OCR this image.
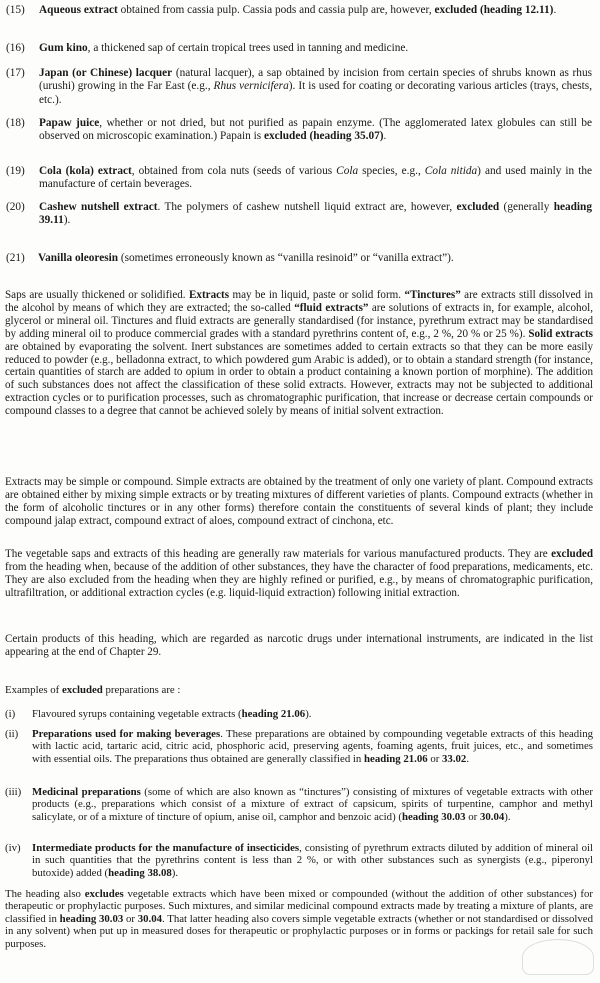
(15) Aqueous extract obtained from cassia pulp. Cassia pods and cassia pulp are, however, excluded (heading 12.11).
(16) Gum kino, a thickened sap of certain tropical trees used in tanning and medicine.
(17) Japan (or Chinese) lacquer (natural lacquer), a sap obtained by incision from certain species of shrubs known as rhus (urushi) growing in the Far East (e.g., Rhus vernicifera). It is used for coating or decorating various articles (trays, chests, etc.).
(18) Papaw juice, whether or not dried, but not purified as papain enzyme. (The agglomerated latex globules can still be observed on microscopic examination.) Papain is excluded (heading 35.07).
(19) Cola (kola) extract, obtained from cola nuts (seeds of various Cola species, e.g., Cola nitida) and used mainly in the manufacture of certain beverages.
(20) Cashew nutshell extract. The polymers of cashew nutshell liquid extract are, however, excluded (generally heading 39.11).
(21) Vanilla oleoresin (sometimes erroneously known as “vanilla resinoid” or “vanilla extract”).
Saps are usually thickened or solidified. Extracts may be in liquid, paste or solid form. “Tinctures” are extracts still dissolved in the alcohol by means of which they are extracted; the so-called “fluid extracts” are solutions of extracts in, for example, alcohol, glycerol or mineral oil. Tinctures and fluid extracts are generally standardised (for instance, pyrethrum extract may be standardised by adding mineral oil to produce commercial grades with a standard pyrethrins content of, e.g., 2 %, 20 % or 25 %). Solid extracts are obtained by evaporating the solvent. Inert substances are sometimes added to certain extracts so that they can be more easily reduced to powder (e.g., belladonna extract, to which powdered gum Arabic is added), or to obtain a standard strength (for instance, certain quantities of starch are added to opium in order to obtain a product containing a known portion of morphine). The addition of such substances does not affect the classification of these solid extracts. However, extracts may not be subjected to additional extraction cycles or to purification processes, such as chromatographic purification, that increase or decrease certain compounds or compound classes to a degree that cannot be achieved solely by means of initial solvent extraction.
Extracts may be simple or compound. Simple extracts are obtained by the treatment of only one variety of plant. Compound extracts are obtained either by mixing simple extracts or by treating mixtures of different varieties of plants. Compound extracts (whether in the form of alcoholic tinctures or in any other forms) therefore contain the constituents of several kinds of plant; they include compound jalap extract, compound extract of aloes, compound extract of cinchona, etc.
The vegetable saps and extracts of this heading are generally raw materials for various manufactured products. They are excluded from the heading when, because of the addition of other substances, they have the character of food preparations, medicaments, etc. They are also excluded from the heading when they are highly refined or purified, e.g., by means of chromatographic purification, ultrafiltration, or additional extraction cycles (e.g. liquid-liquid extraction) following initial extraction.
Certain products of this heading, which are regarded as narcotic drugs under international instruments, are indicated in the list appearing at the end of Chapter 29.
Examples of excluded preparations are :
(i) Flavoured syrups containing vegetable extracts (heading 21.06).
(ii) Preparations used for making beverages. These preparations are obtained by compounding vegetable extracts of this heading with lactic acid, tartaric acid, citric acid, phosphoric acid, preserving agents, foaming agents, fruit juices, etc., and sometimes with essential oils. The preparations thus obtained are generally classified in heading 21.06 or 33.02.
(iii) Medicinal preparations (some of which are also known as “tinctures”) consisting of mixtures of vegetable extracts with other products (e.g., preparations which consist of a mixture of extract of capsicum, spirits of turpentine, camphor and methyl salicylate, or of a mixture of tincture of opium, anise oil, camphor and benzoic acid) (heading 30.03 or 30.04).
(iv) Intermediate products for the manufacture of insecticides, consisting of pyrethrum extracts diluted by addition of mineral oil in such quantities that the pyrethrins content is less than 2 %, or with other substances such as synergists (e.g., piperonyl butoxide) added (heading 38.08).
The heading also excludes vegetable extracts which have been mixed or compounded (without the addition of other substances) for therapeutic or prophylactic purposes. Such mixtures, and similar medicinal compound extracts made by treating a mixture of plants, are classified in heading 30.03 or 30.04. That latter heading also covers simple vegetable extracts (whether or not standardised or dissolved in any solvent) when put up in measured doses for therapeutic or prophylactic purposes or in forms or packings for retail sale for such purposes.
